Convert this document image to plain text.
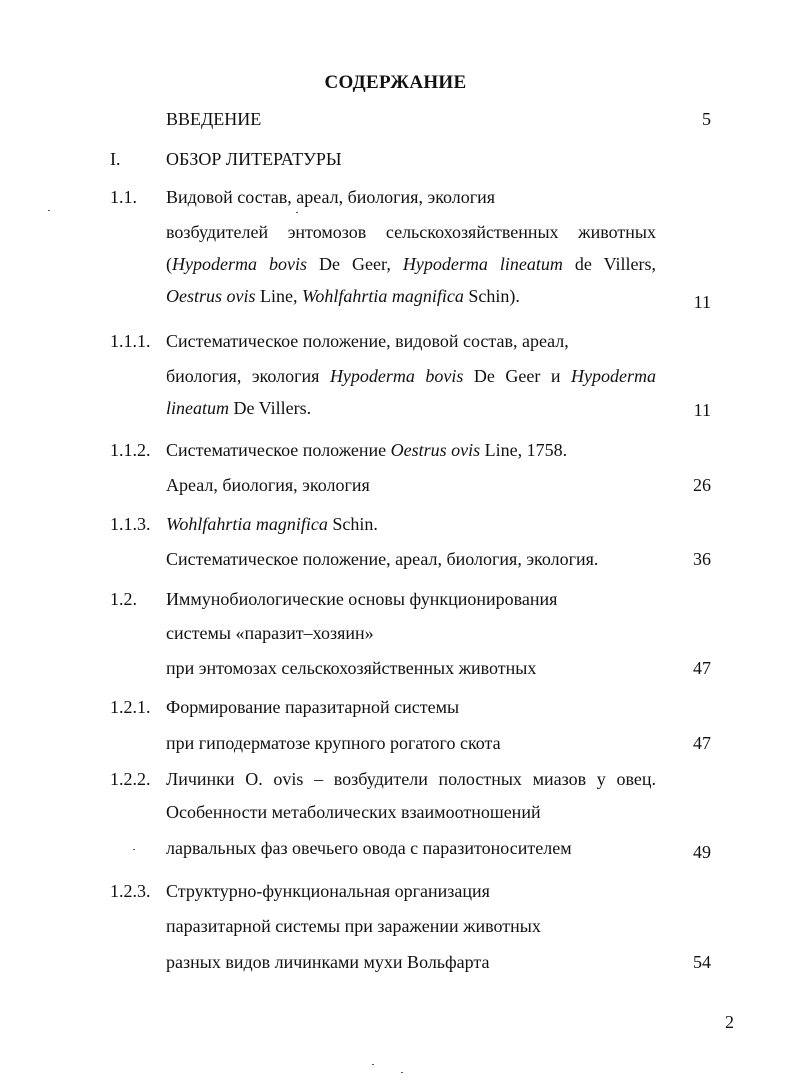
СОДЕРЖАНИЕ
ВВЕДЕНИЕ	5
I.	ОБЗОР ЛИТЕРАТУРЫ
1.1. Видовой состав, ареал, биология, экология
возбудителей энтомозов сельскохозяйственных животных
(Hypoderma bovis De Geer, Hypoderma lineatum de Villers,
Oestrus ovis Line, Wohlfahrtia magnifica Schin).	11
1.1.1. Систематическое положение, видовой состав, ареал,
биология, экология Hypoderma bovis De Geer и Hypoderma
lineatum De Villers.	11
1.1.2. Систематическое положение Oestrus ovis Line, 1758.
Ареал, биология, экология	26
1.1.3. Wohlfahrtia magnifica Schin.
Систематическое положение, ареал, биология, экология.	36
1.2. Иммунобиологические основы функционирования
системы «паразит–хозяин»
при энтомозах сельскохозяйственных животных	47
1.2.1. Формирование паразитарной системы
при гиподерматозе крупного рогатого скота	47
1.2.2. Личинки O. ovis – возбудители полостных миазов у овец.
Особенности метаболических взаимоотношений
ларвальных фаз овечьего овода с паразитоносителем	49
1.2.3. Структурно-функциональная организация
паразитарной системы при заражении животных
разных видов личинками мухи Вольфарта	54
2
